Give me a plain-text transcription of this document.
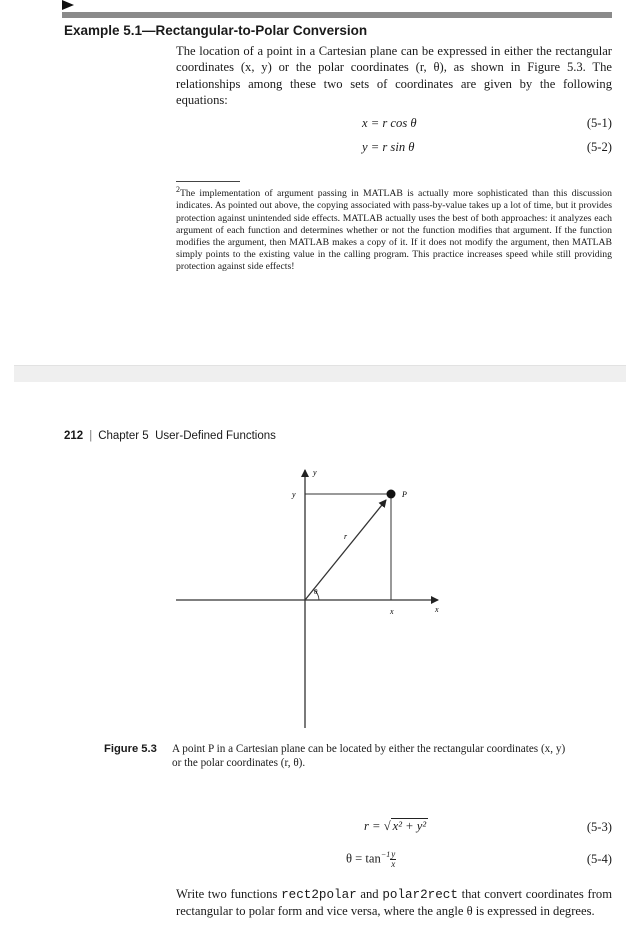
Example 5.1—Rectangular-to-Polar Conversion
The location of a point in a Cartesian plane can be expressed in either the rectangular coordinates (x, y) or the polar coordinates (r, θ), as shown in Figure 5.3. The relationships among these two sets of coordinates are given by the following equations:
x = r cos θ	(5-1)
y = r sin θ	(5-2)
$^2$The implementation of argument passing in MATLAB is actually more sophisticated than this discussion indicates. As pointed out above, the copying associated with pass-by-value takes up a lot of time, but it provides protection against unintended side effects. MATLAB actually uses the best of both approaches: it analyzes each argument of each function and determines whether or not the function modifies that argument. If the function modifies the argument, then MATLAB makes a copy of it. If it does not modify the argument, then MATLAB simply points to the existing value in the calling program. This practice increases speed while still providing protection against side effects!
212 | Chapter 5 User-Defined Functions
y
y	P
r
θ
x	x
Figure 5.3 A point P in a Cartesian plane can be located by either the rectangular coordinates (x, y)
or the polar coordinates (r, θ).
r = √ x² + y²	(5-3)
$\theta = \tan^{-1} \frac{y}{x}$	(5-4)
Write two functions rect2polar and polar2rect that convert coordinates from rectangular to polar form and vice versa, where the angle θ is expressed in degrees.
